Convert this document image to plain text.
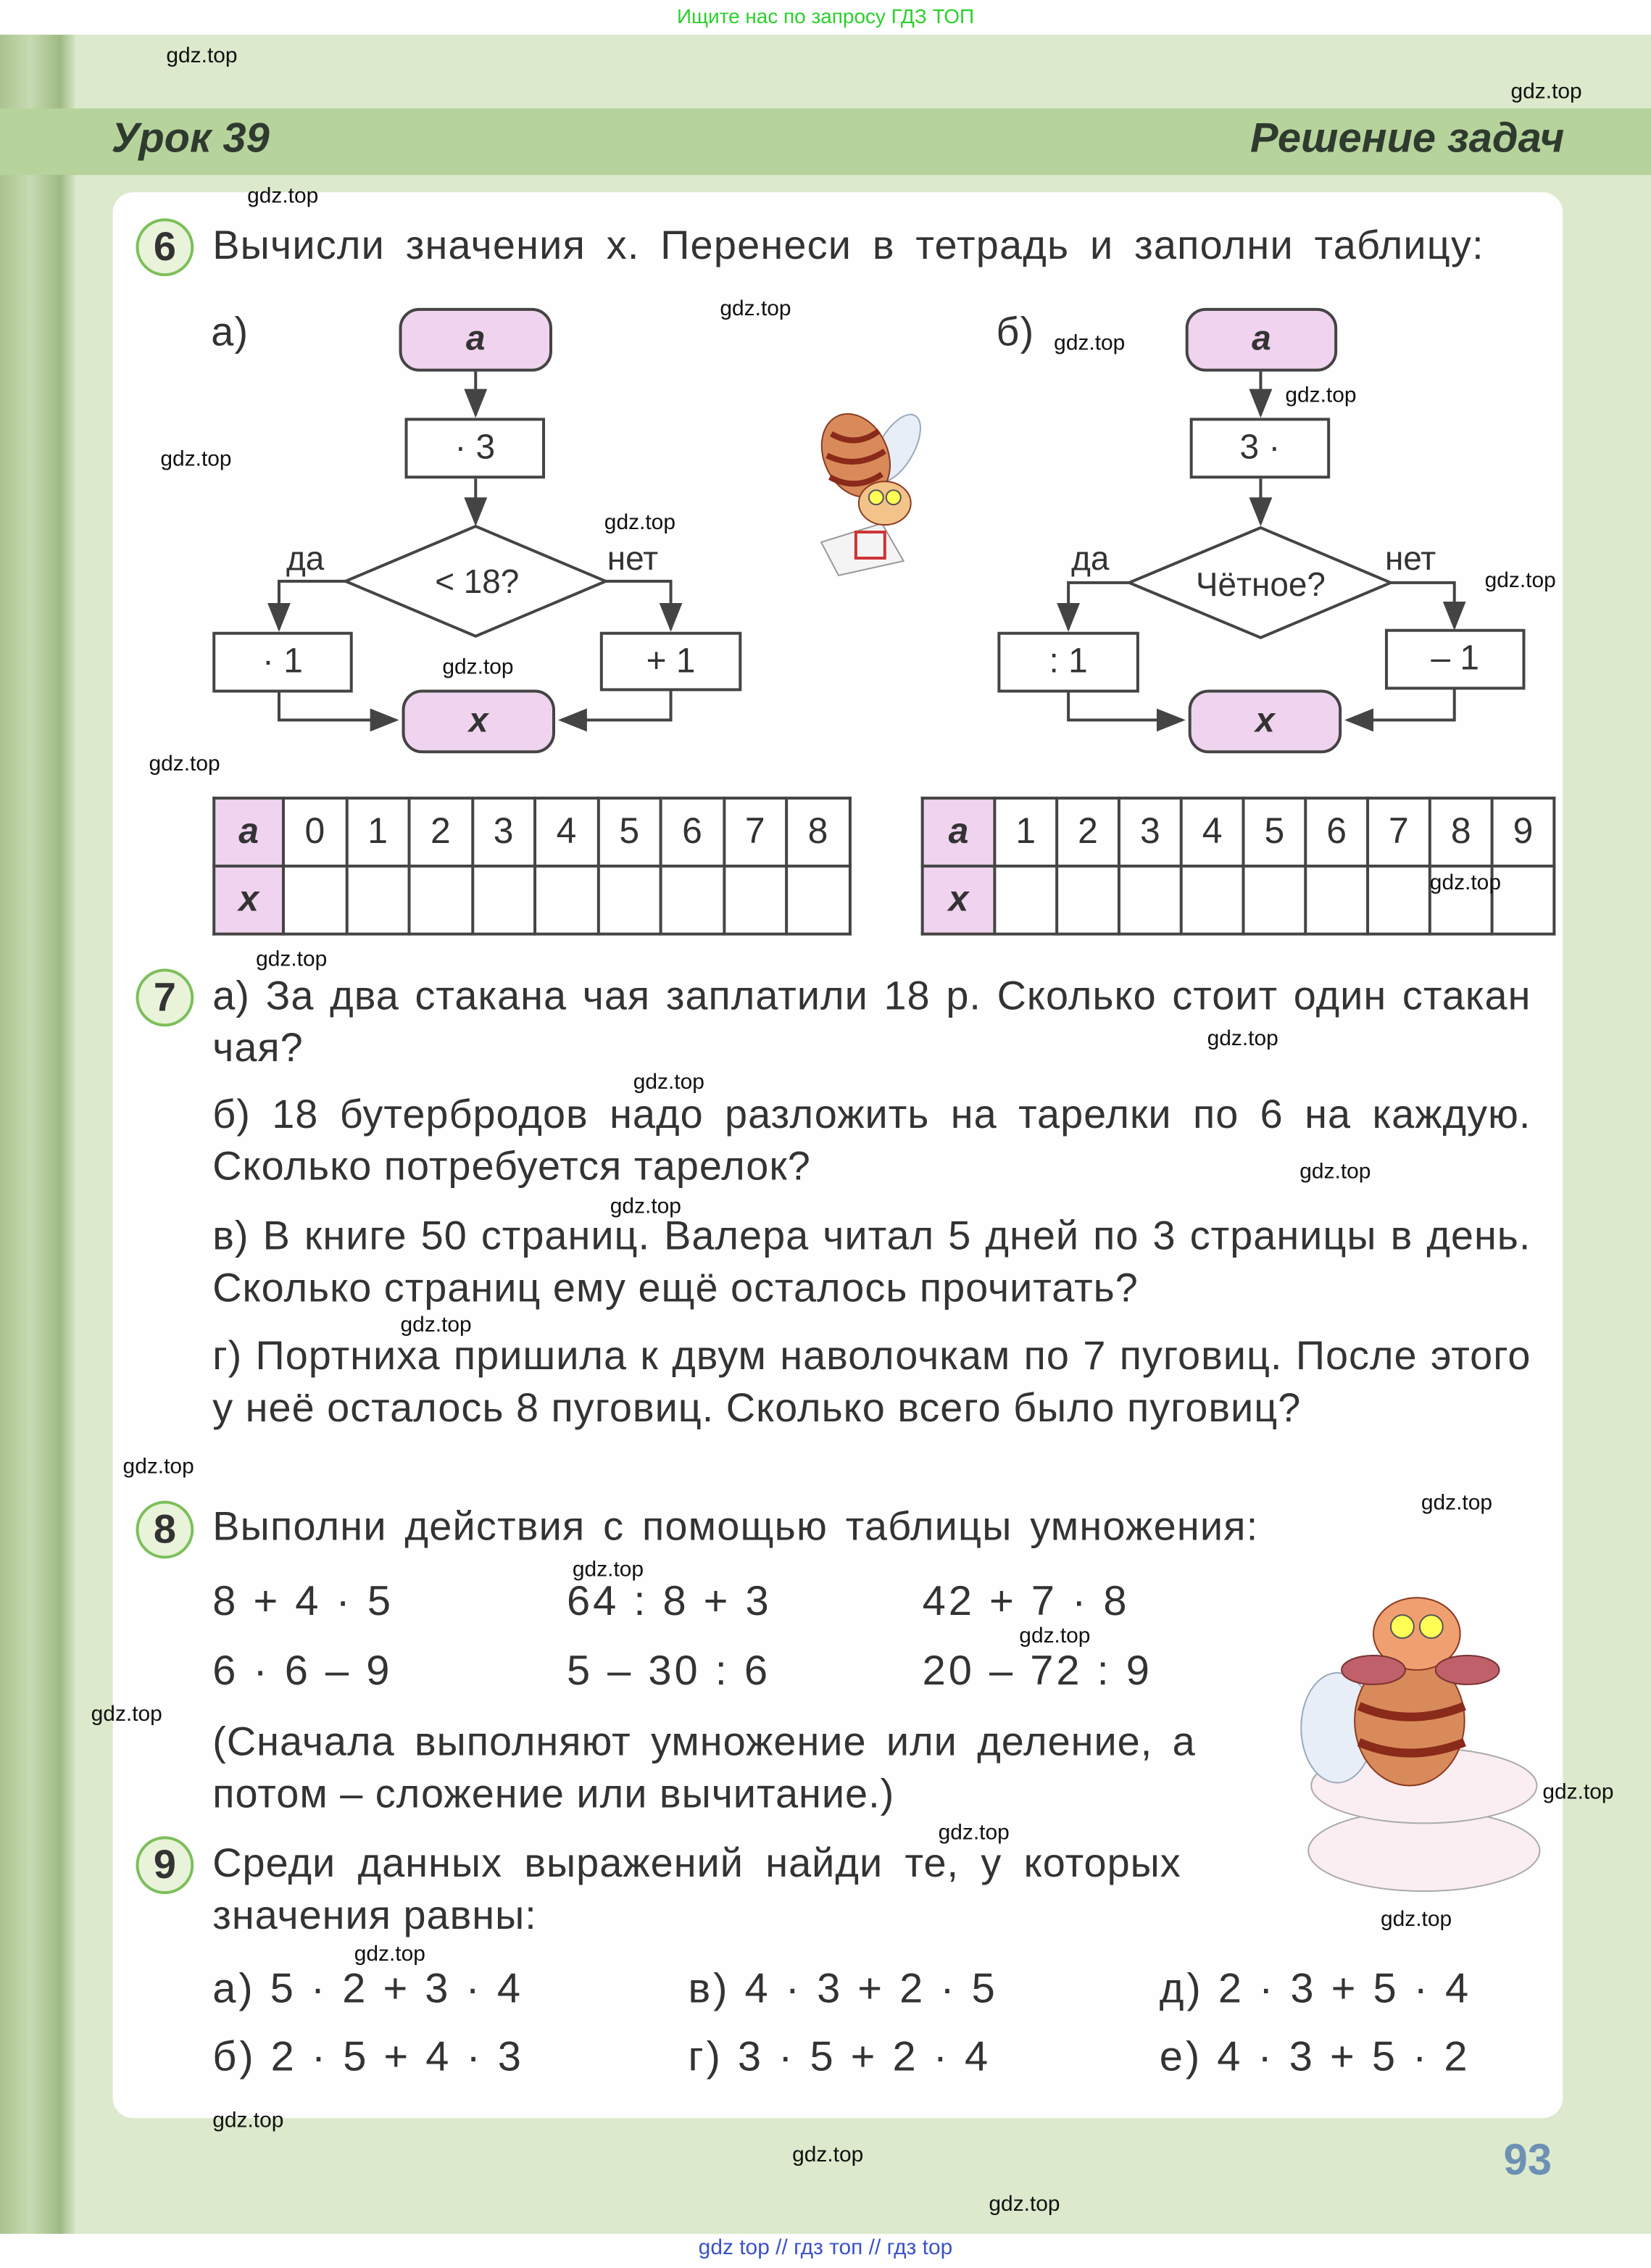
Ищите нас по запросу ГДЗ ТОП
Урок 39	Решение задач
6	Вычисли значения x. Перенеси в тетрадь и заполни таблицу:
а)	a
· 3
< 18?
да	нет
· 1	+ 1
x
б)	a
3 ·
Чётное?
да	нет
: 1	– 1
x
7	а) За два стакана чая заплатили 18 р. Сколько стоит один стакан чая?
б) 18 бутербродов надо разложить на тарелки по 6 на каждую. Сколько потребуется тарелок?
в) В книге 50 страниц. Валера читал 5 дней по 3 страницы в день. Сколько страниц ему ещё осталось прочитать?
г) Портниха пришила к двум наволочкам по 7 пуговиц. После этого у неё осталось 8 пуговиц. Сколько всего было пуговиц?
8	Выполни действия с помощью таблицы умножения:
(Сначала выполняют умножение или деление, а потом – сложение или вычитание.)
9	Среди данных выражений найди те, у которых значения равны:
93
gdz top // гдз топ // гдз top
a	0	1	2	3	4	5	6	7	8
x									
a	1	2	3	4	5	6	7	8	9
x									
8 + 4 · 5	64 : 8 + 3	42 + 7 · 8
6 · 6 – 9	5 – 30 : 6	20 – 72 : 9
а) 5 · 2 + 3 · 4	в) 4 · 3 + 2 · 5	д) 2 · 3 + 5 · 4
б) 2 · 5 + 4 · 3	г) 3 · 5 + 2 · 4	е) 4 · 3 + 5 · 2
gdz.top
gdz.top
gdz.top
gdz.top
gdz.top
gdz.top
gdz.top
gdz.top
gdz.top
gdz.top
gdz.top
gdz.top
gdz.top
gdz.top
gdz.top
gdz.top
gdz.top
gdz.top
gdz.top
gdz.top
gdz.top
gdz.top
gdz.top
gdz.top
gdz.top
gdz.top
gdz.top
gdz.top
gdz.top
gdz.top
